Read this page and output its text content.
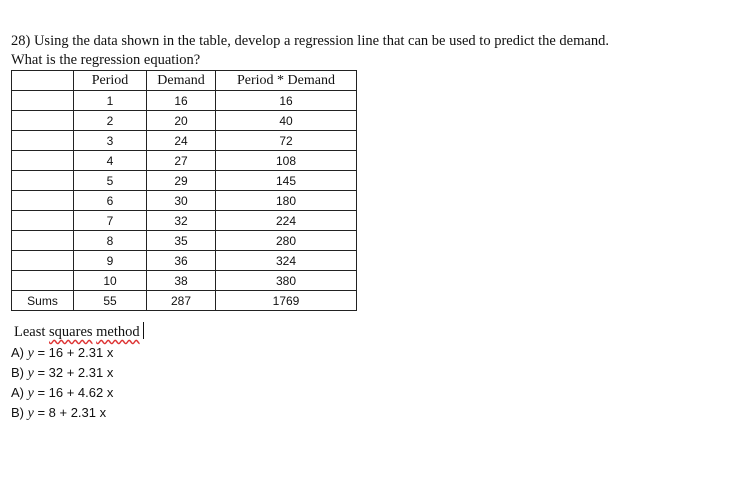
28) Using the data shown in the table, develop a regression line that can be used to predict the demand.
What is the regression equation?
	Period	Demand	Period * Demand
	1	16	16
	2	20	40
	3	24	72
	4	27	108
	5	29	145
	6	30	180
	7	32	224
	8	35	280
	9	36	324
	10	38	380
Sums	55	287	1769
Least squares method
A) y = 16 + 2.31 x
B) y = 32 + 2.31 x
A) y = 16 + 4.62 x
B) y = 8 + 2.31 x
